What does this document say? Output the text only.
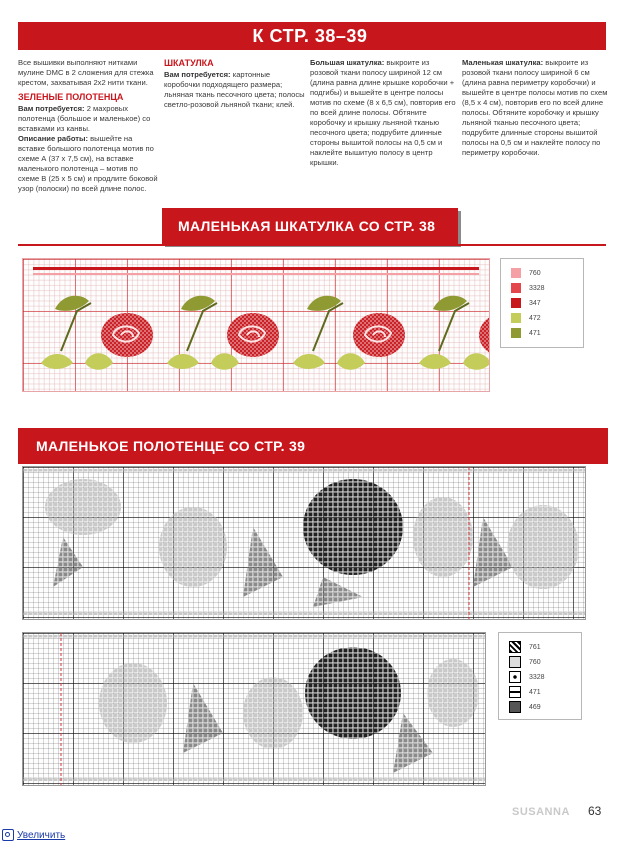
К СТР. 38–39

Все вышивки выполняют нитками мулине DMC в 2 сложения для стежка крестом, захватывая 2х2 нити ткани.

ЗЕЛЕНЫЕ ПОЛОТЕНЦА

Вам потребуется: 2 махровых полотенца (большое и маленькое) со вставками из канвы.

Описание работы: вышейте на вставке большого полотенца мотив по схеме А (37 х 7,5 см), на вставке маленького полотенца – мотив по схеме В (25 х 5 см) и продлите боковой узор (полоски) по всей длине полос.

ШКАТУЛКА

Вам потребуется: картонные коробочки подходящего размера; льняная ткань песочного цвета; полосы светло-розовой льняной ткани; клей.

Большая шкатулка: выкроите из розовой ткани полосу шириной 12 см (длина равна длине крышке коробочки + подгибы) и вышейте в центре полосы мотив по схеме (8 х 6,5 см), повторив его по всей длине полосы. Обтяните коробочку и крышку льняной тканью песочного цвета; подрубите длинные стороны вышитой полосы на 0,5 см и наклейте вышитую полосу в центр крышки.

Маленькая шкатулка: выкроите из розовой ткани полосу шириной 6 см (длина равна периметру коробочки) и вышейте в центре полосы мотив по схем (8,5 х 4 см), повторив его по всей длине полосы. Обтяните коробочку и крышку льняной тканью песочного цвета; подрубите длинные стороны вышитой полосы на 0,5 см и наклейте полосу по периметру коробочки.

МАЛЕНЬКАЯ ШКАТУЛКА СО СТР. 38
760
3328
347
472
471
МАЛЕНЬКОЕ ПОЛОТЕНЦЕ СО СТР. 39
761
760
3328
471
469
SUSANNA 63
Увеличить
